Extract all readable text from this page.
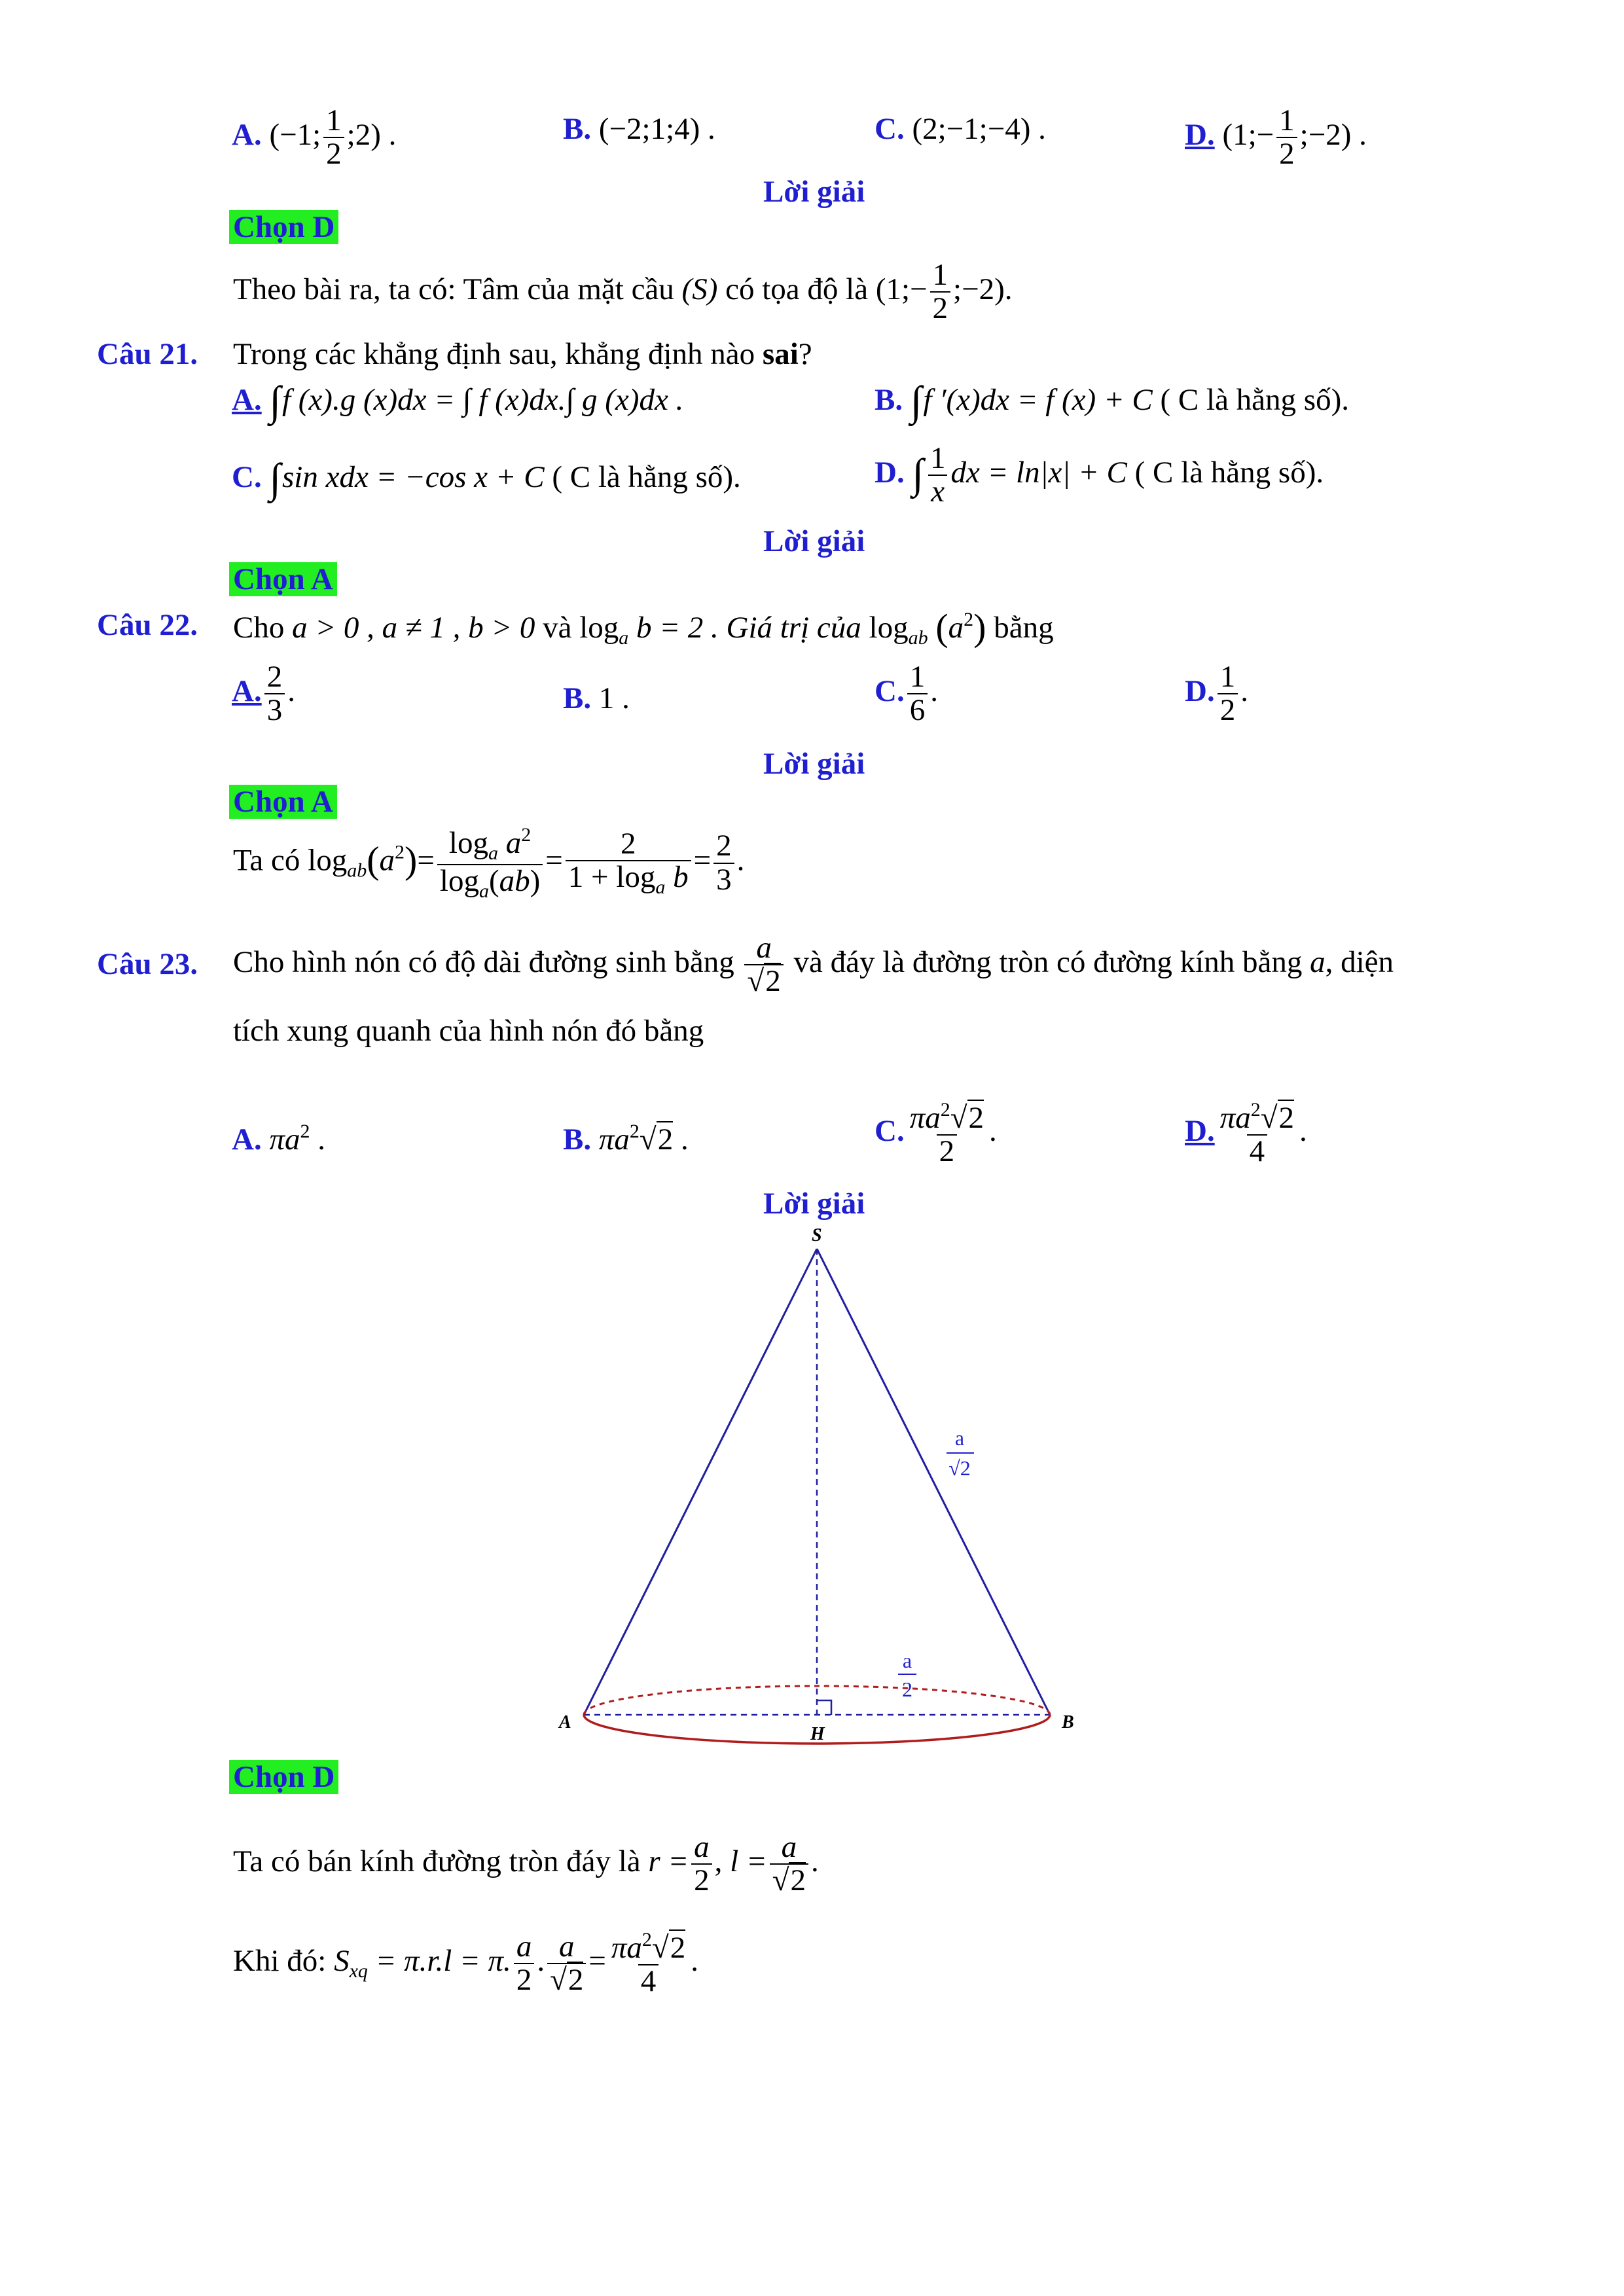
A. (−1; $\frac{1}{2}$ ;2) .	B. (−2;1;4) .	C. (2;−1;−4) .	D. (1;− $\frac{1}{2}$ ;−2) .
Lời giải
Chọn D
Theo bài ra, ta có: Tâm của mặt cầu (S) có tọa độ là (1;− $\frac{1}{2}$ ;−2).
Câu 21. Trong các khẳng định sau, khẳng định nào sai?
A. ∫f (x).g (x)dx = ∫ f (x)dx.∫ g (x)dx .	B. ∫f ′(x)dx = f (x) + C ( C là hằng số).
C. ∫sin xdx = −cos x + C ( C là hằng số).	D. ∫ $\frac{1}{x}$ dx = ln|x| + C ( C là hằng số).
Lời giải
Chọn A
Câu 22. Cho a > 0 , a ≠ 1 , b > 0 và $\log_a b = 2$ . Giá trị của $\log_{ab} (a^2)$ bằng
A. $\frac{2}{3}$ .	B. 1 .	C. $\frac{1}{6}$ .	D. $\frac{1}{2}$ .
Lời giải
Chọn A
Ta có $\log_{ab}(a^2)= \frac{\log_a a^2}{\log_a(ab)} = \frac{2}{1 + \log_a b} = \frac{2}{3}$ .
Câu 23. Cho hình nón có độ dài đường sinh bằng $\frac{a}{√2}$ và đáy là đường tròn có đường kính bằng a, diện
tích xung quanh của hình nón đó bằng
A. $\pi a^2$ .	B. $\pi a^2√2$ .	C. $\frac{\pi a^2√2}{2}$ .	D. $\frac{\pi a^2√2}{4}$ .
Lời giải
S
A	B
H
a
√2
a
2
Chọn D
Ta có bán kính đường tròn đáy là $r = \frac{a}{2}$ , $l = \frac{a}{√2}$ .
Khi đó: $S_{xq} = \pi.r.l = \pi$. $\frac{a}{2}$ . $\frac{a}{√2} = \frac{\pi a^2√2}{4}$ .
